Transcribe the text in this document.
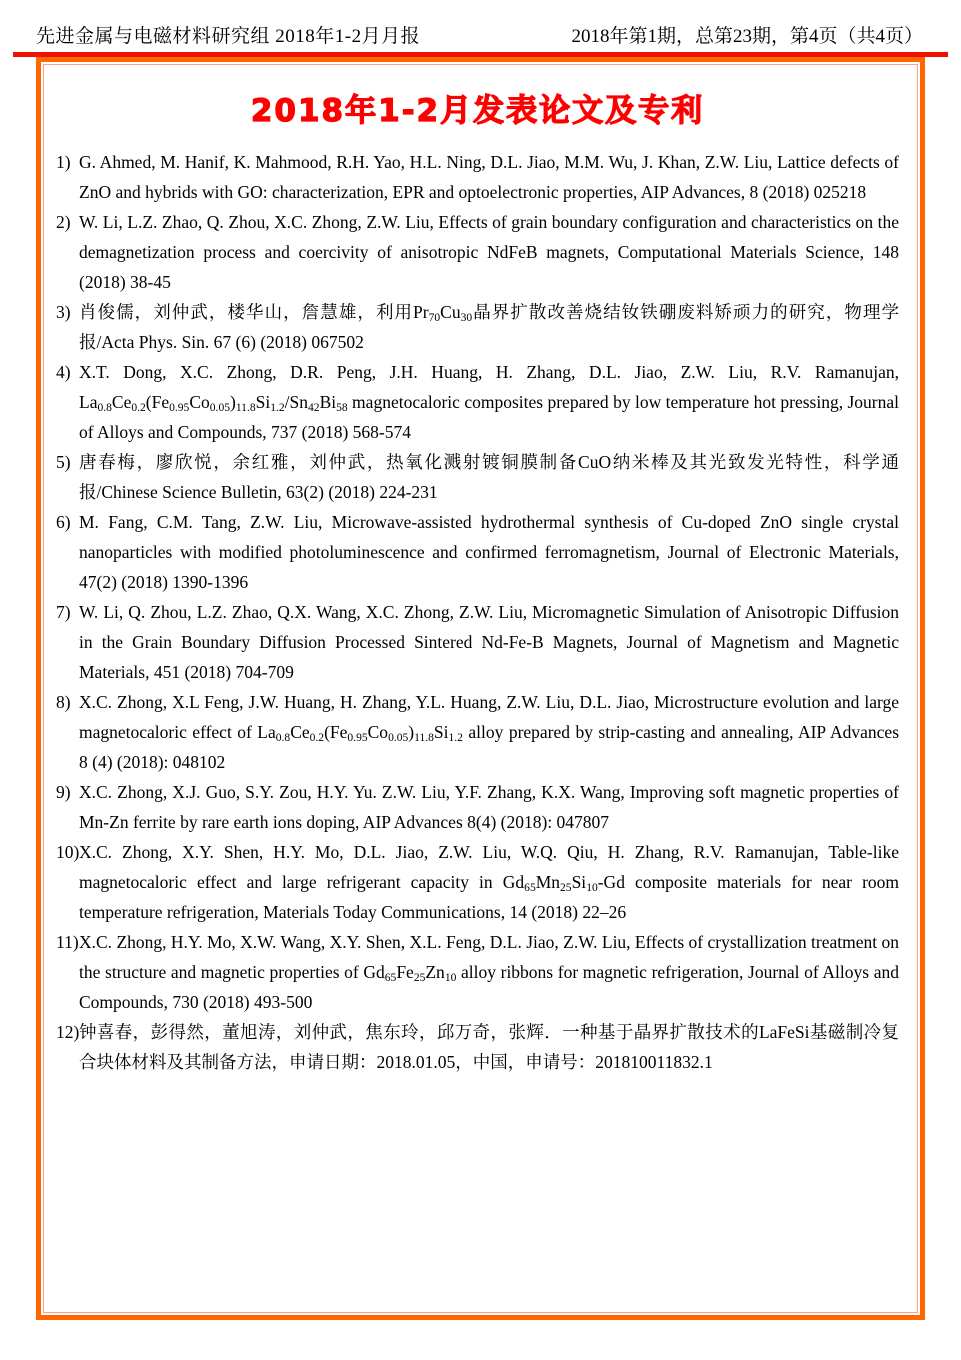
先进金属与电磁材料研究组 2018年1-2月月报	2018年第1期，总第23期，第4页（共4页）
2018年1-2月发表论文及专利
1) G. Ahmed, M. Hanif, K. Mahmood, R.H. Yao, H.L. Ning, D.L. Jiao, M.M. Wu, J. Khan, Z.W. Liu, Lattice defects of ZnO and hybrids with GO: characterization, EPR and optoelectronic properties, AIP Advances, 8 (2018) 025218
2) W. Li, L.Z. Zhao, Q. Zhou, X.C. Zhong, Z.W. Liu, Effects of grain boundary configuration and characteristics on the demagnetization process and coercivity of anisotropic NdFeB magnets, Computational Materials Science, 148 (2018) 38-45
3) 肖俊儒，刘仲武，楼华山，詹慧雄，利用$Pr_{70}Cu_{30}$晶界扩散改善烧结钕铁硼废料矫顽力的研究，物理学报/Acta Phys. Sin. 67 (6) (2018) 067502
4) X.T. Dong, X.C. Zhong, D.R. Peng, J.H. Huang, H. Zhang, D.L. Jiao, Z.W. Liu, R.V. Ramanujan, $La_{0.8}Ce_{0.2}(Fe_{0.95}Co_{0.05})_{11.8}Si_{1.2}/Sn_{42}Bi_{58}$ magnetocaloric composites prepared by low temperature hot pressing, Journal of Alloys and Compounds, 737 (2018) 568-574
5) 唐春梅，廖欣悦，余红雅，刘仲武，热氧化溅射镀铜膜制备CuO纳米棒及其光致发光特性，科学通报/Chinese Science Bulletin, 63(2) (2018) 224-231
6) M. Fang, C.M. Tang, Z.W. Liu, Microwave-assisted hydrothermal synthesis of Cu-doped ZnO single crystal nanoparticles with modified photoluminescence and confirmed ferromagnetism, Journal of Electronic Materials, 47(2) (2018) 1390-1396
7) W. Li, Q. Zhou, L.Z. Zhao, Q.X. Wang, X.C. Zhong, Z.W. Liu, Micromagnetic Simulation of Anisotropic Diffusion in the Grain Boundary Diffusion Processed Sintered Nd-Fe-B Magnets, Journal of Magnetism and Magnetic Materials, 451 (2018) 704-709
8) X.C. Zhong, X.L Feng, J.W. Huang, H. Zhang, Y.L. Huang, Z.W. Liu, D.L. Jiao, Microstructure evolution and large magnetocaloric effect of $La_{0.8}Ce_{0.2}(Fe_{0.95}Co_{0.05})_{11.8}Si_{1.2}$ alloy prepared by strip-casting and annealing, AIP Advances 8 (4) (2018): 048102
9) X.C. Zhong, X.J. Guo, S.Y. Zou, H.Y. Yu. Z.W. Liu, Y.F. Zhang, K.X. Wang, Improving soft magnetic properties of Mn-Zn ferrite by rare earth ions doping, AIP Advances 8(4) (2018): 047807
10) X.C. Zhong, X.Y. Shen, H.Y. Mo, D.L. Jiao, Z.W. Liu, W.Q. Qiu, H. Zhang, R.V. Ramanujan, Table-like magnetocaloric effect and large refrigerant capacity in $Gd_{65}Mn_{25}Si_{10}-Gd$ composite materials for near room temperature refrigeration, Materials Today Communications, 14 (2018) 22–26
11) X.C. Zhong, H.Y. Mo, X.W. Wang, X.Y. Shen, X.L. Feng, D.L. Jiao, Z.W. Liu, Effects of crystallization treatment on the structure and magnetic properties of $Gd_{65}Fe_{25}Zn_{10}$ alloy ribbons for magnetic refrigeration, Journal of Alloys and Compounds, 730 (2018) 493-500
12) 钟喜春，彭得然，董旭涛，刘仲武，焦东玲，邱万奇，张辉．一种基于晶界扩散技术的LaFeSi基磁制冷复合块体材料及其制备方法，申请日期：2018.01.05，中国，申请号：201810011832.1
